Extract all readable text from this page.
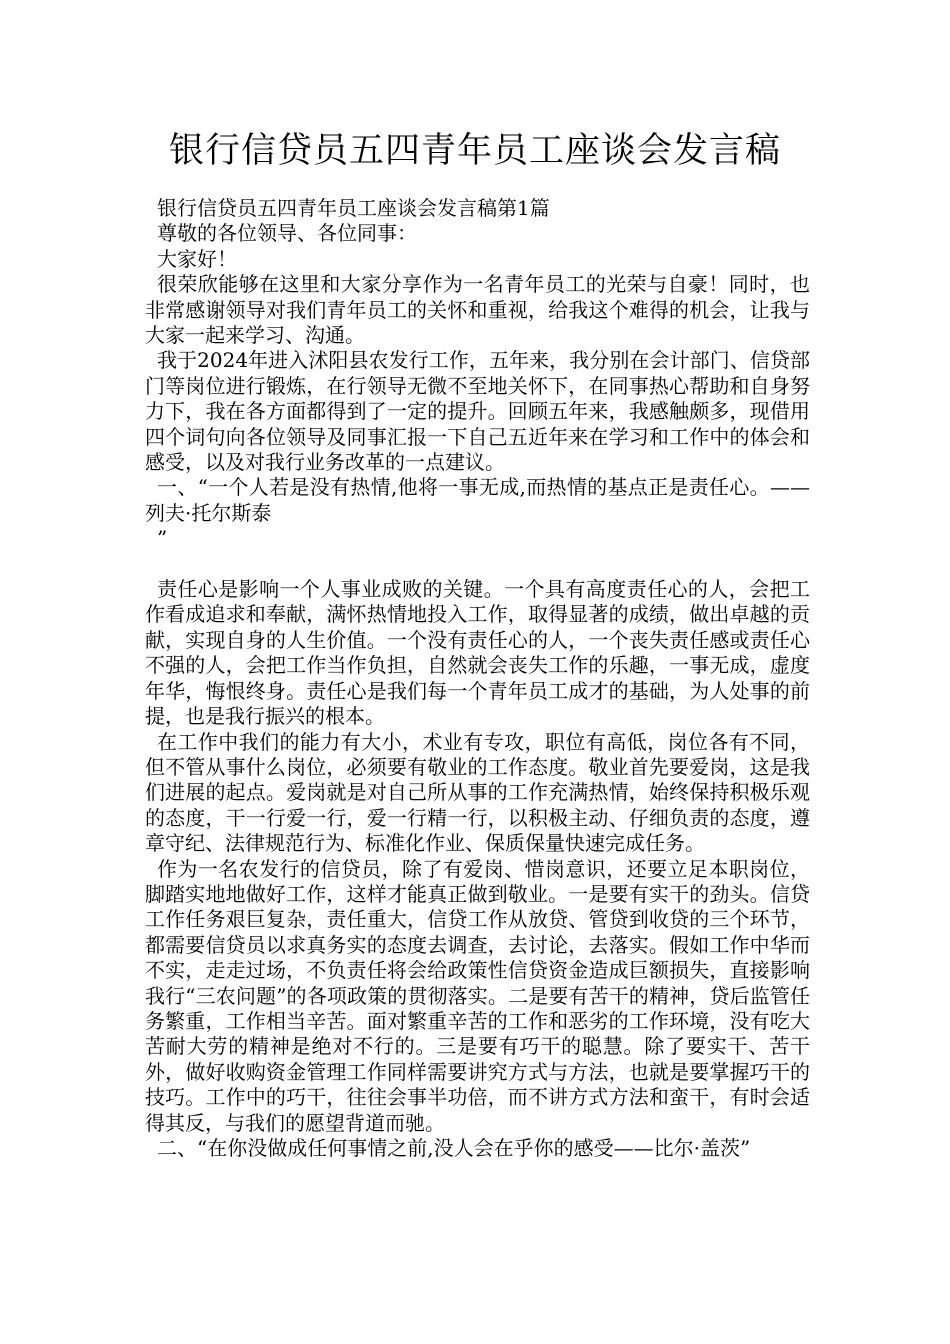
银行信贷员五四青年员工座谈会发言稿

银行信贷员五四青年员工座谈会发言稿第1篇

尊敬的各位领导、各位同事：

大家好！

很荣欣能够在这里和大家分享作为一名青年员工的光荣与自豪！同时，也非常感谢领导对我们青年员工的关怀和重视，给我这个难得的机会，让我与大家一起来学习、沟通。

我于2024年进入沭阳县农发行工作，五年来，我分别在会计部门、信贷部门等岗位进行锻炼，在行领导无微不至地关怀下，在同事热心帮助和自身努力下，我在各方面都得到了一定的提升。回顾五年来，我感触颇多，现借用四个词句向各位领导及同事汇报一下自己五近年来在学习和工作中的体会和感受，以及对我行业务改革的一点建议。

一、“一个人若是没有热情,他将一事无成,而热情的基点正是责任心。——列夫·托尔斯泰

”

责任心是影响一个人事业成败的关键。一个具有高度责任心的人，会把工作看成追求和奉献，满怀热情地投入工作，取得显著的成绩，做出卓越的贡献，实现自身的人生价值。一个没有责任心的人，一个丧失责任感或责任心不强的人，会把工作当作负担，自然就会丧失工作的乐趣，一事无成，虚度年华，悔恨终身。责任心是我们每一个青年员工成才的基础，为人处事的前提，也是我行振兴的根本。

在工作中我们的能力有大小，术业有专攻，职位有高低，岗位各有不同，但不管从事什么岗位，必须要有敬业的工作态度。敬业首先要爱岗，这是我们进展的起点。爱岗就是对自己所从事的工作充满热情，始终保持积极乐观的态度，干一行爱一行，爱一行精一行，以积极主动、仔细负责的态度，遵章守纪、法律规范行为、标准化作业、保质保量快速完成任务。

作为一名农发行的信贷员，除了有爱岗、惜岗意识，还要立足本职岗位，脚踏实地地做好工作，这样才能真正做到敬业。一是要有实干的劲头。信贷工作任务艰巨复杂，责任重大，信贷工作从放贷、管贷到收贷的三个环节，都需要信贷员以求真务实的态度去调查，去讨论，去落实。假如工作中华而不实，走走过场，不负责任将会给政策性信贷资金造成巨额损失，直接影响我行“三农问题”的各项政策的贯彻落实。二是要有苦干的精神，贷后监管任务繁重，工作相当辛苦。面对繁重辛苦的工作和恶劣的工作环境，没有吃大苦耐大劳的精神是绝对不行的。三是要有巧干的聪慧。除了要实干、苦干外，做好收购资金管理工作同样需要讲究方式与方法，也就是要掌握巧干的技巧。工作中的巧干，往往会事半功倍，而不讲方式方法和蛮干，有时会适得其反，与我们的愿望背道而驰。

二、“在你没做成任何事情之前,没人会在乎你的感受——比尔·盖茨”
